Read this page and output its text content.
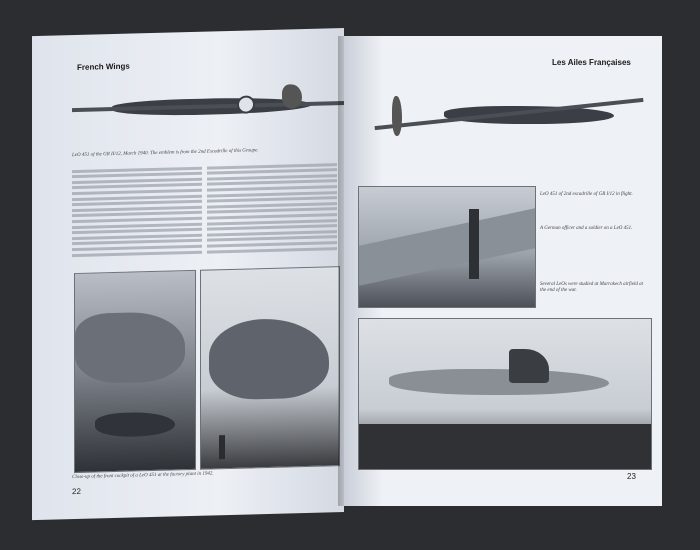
French Wings
LeO 451 of the GR II/12, March 1940. The emblem is from the 2nd Escadrille of this Groupe.
Close-up of the front cockpit of a LeO 451 at the factory plant in 1942.
22
Les Ailes Françaises
LeO 451 of 2nd escadrille of GR I/12 in flight.
A German officer and a soldier on a LeO 451.
Several LeOs were studied at Marrakech airfield at the end of the war.
23
